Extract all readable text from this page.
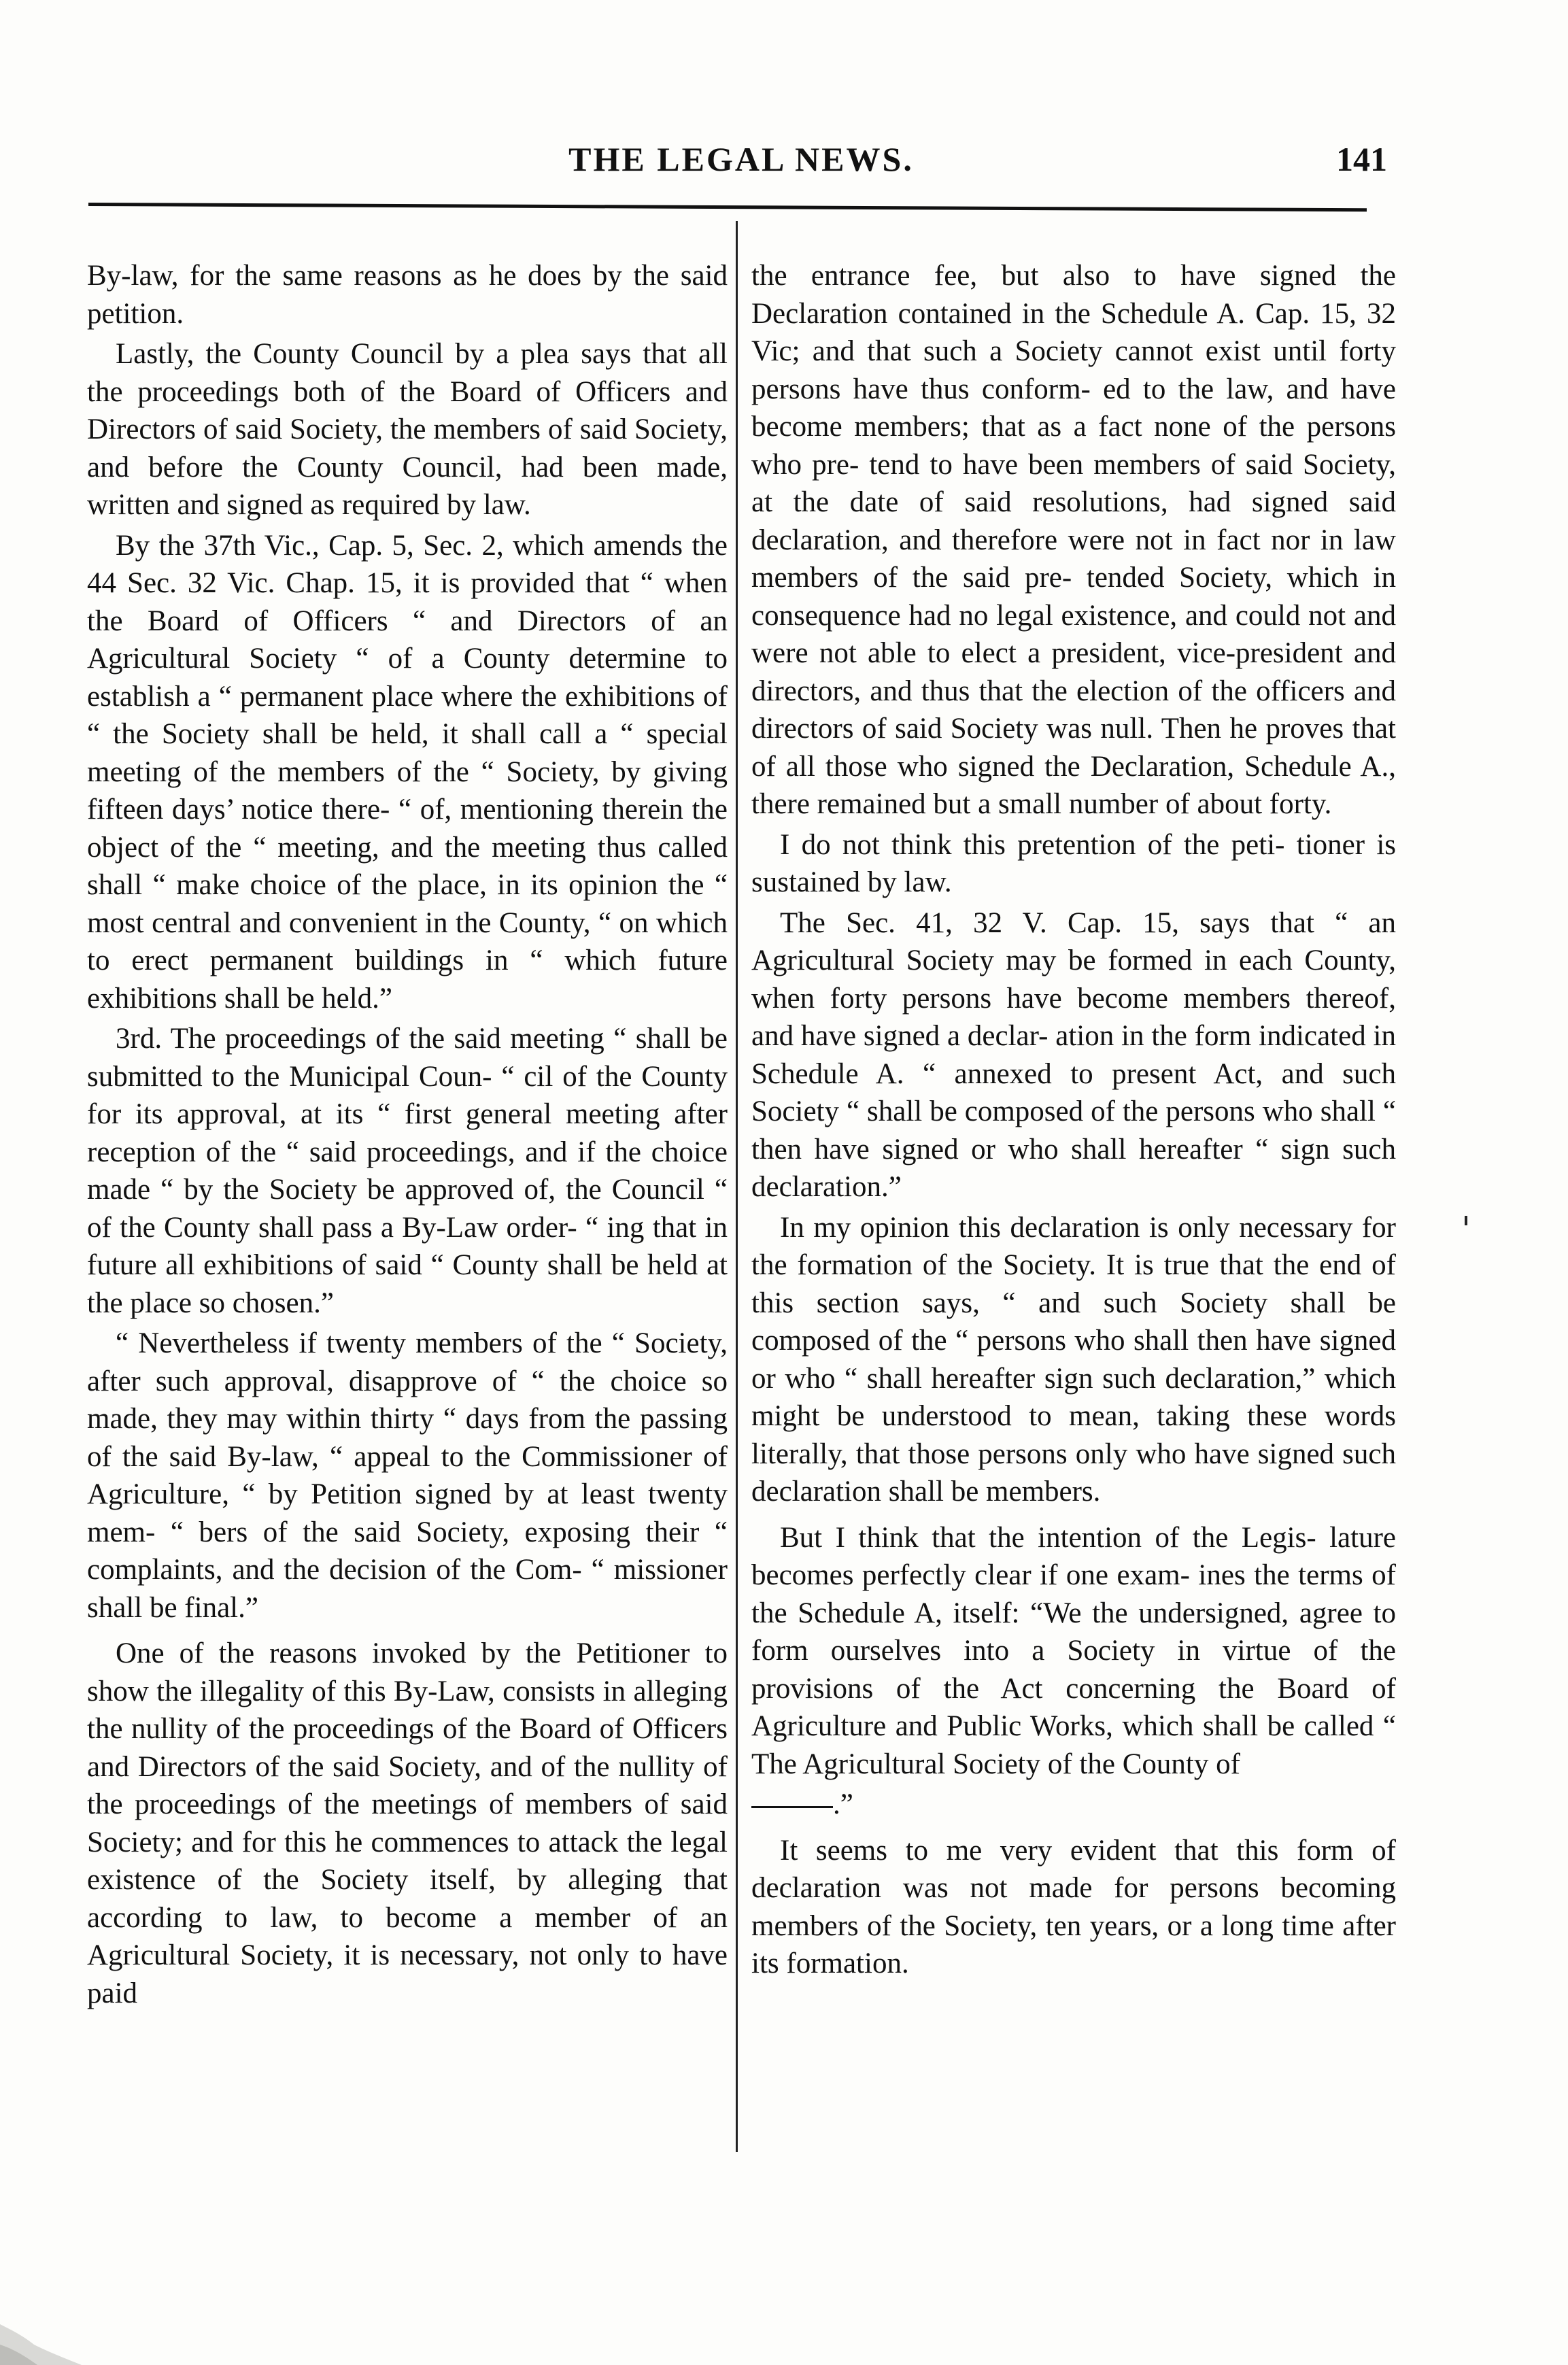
THE LEGAL NEWS.	141

By-law, for the same reasons as he does by the said petition.

Lastly, the County Council by a plea says that all the proceedings both of the Board of Officers and Directors of said Society, the members of said Society, and before the County Council, had been made, written and signed as required by law.

By the 37th Vic., Cap. 5, Sec. 2, which amends the 44 Sec. 32 Vic. Chap. 15, it is provided that “ when the Board of Officers “ and Directors of an Agricultural Society “ of a County determine to establish a “ permanent place where the exhibitions of “ the Society shall be held, it shall call a “ special meeting of the members of the “ Society, by giving fifteen days’ notice there- “ of, mentioning therein the object of the “ meeting, and the meeting thus called shall “ make choice of the place, in its opinion the “ most central and convenient in the County, “ on which to erect permanent buildings in “ which future exhibitions shall be held.”

3rd. The proceedings of the said meeting “ shall be submitted to the Municipal Coun- “ cil of the County for its approval, at its “ first general meeting after reception of the “ said proceedings, and if the choice made “ by the Society be approved of, the Council “ of the County shall pass a By-Law order- “ ing that in future all exhibitions of said “ County shall be held at the place so chosen.”

“ Nevertheless if twenty members of the “ Society, after such approval, disapprove of “ the choice so made, they may within thirty “ days from the passing of the said By-law, “ appeal to the Commissioner of Agriculture, “ by Petition signed by at least twenty mem- “ bers of the said Society, exposing their “ complaints, and the decision of the Com- “ missioner shall be final.”

One of the reasons invoked by the Petitioner to show the illegality of this By-Law, consists in alleging the nullity of the proceedings of the Board of Officers and Directors of the said Society, and of the nullity of the proceedings of the meetings of members of said Society; and for this he commences to attack the legal existence of the Society itself, by alleging that according to law, to become a member of an Agricultural Society, it is necessary, not only to have paid

the entrance fee, but also to have signed the Declaration contained in the Schedule A. Cap. 15, 32 Vic; and that such a Society cannot exist until forty persons have thus conform- ed to the law, and have become members; that as a fact none of the persons who pre- tend to have been members of said Society, at the date of said resolutions, had signed said declaration, and therefore were not in fact nor in law members of the said pre- tended Society, which in consequence had no legal existence, and could not and were not able to elect a president, vice-president and directors, and thus that the election of the officers and directors of said Society was null. Then he proves that of all those who signed the Declaration, Schedule A., there remained but a small number of about forty.

I do not think this pretention of the peti- tioner is sustained by law.

The Sec. 41, 32 V. Cap. 15, says that “ an Agricultural Society may be formed in each County, when forty persons have become members thereof, and have signed a declar- ation in the form indicated in Schedule A. “ annexed to present Act, and such Society “ shall be composed of the persons who shall “ then have signed or who shall hereafter “ sign such declaration.”

In my opinion this declaration is only necessary for the formation of the Society. It is true that the end of this section says, “ and such Society shall be composed of the “ persons who shall then have signed or who “ shall hereafter sign such declaration,” which might be understood to mean, taking these words literally, that those persons only who have signed such declaration shall be members.

But I think that the intention of the Legis- lature becomes perfectly clear if one exam- ines the terms of the Schedule A, itself: “We the undersigned, agree to form ourselves into a Society in virtue of the provisions of the Act concerning the Board of Agriculture and Public Works, which shall be called “ The Agricultural Society of the County of

.”

It seems to me very evident that this form of declaration was not made for persons becoming members of the Society, ten years, or a long time after its formation.
